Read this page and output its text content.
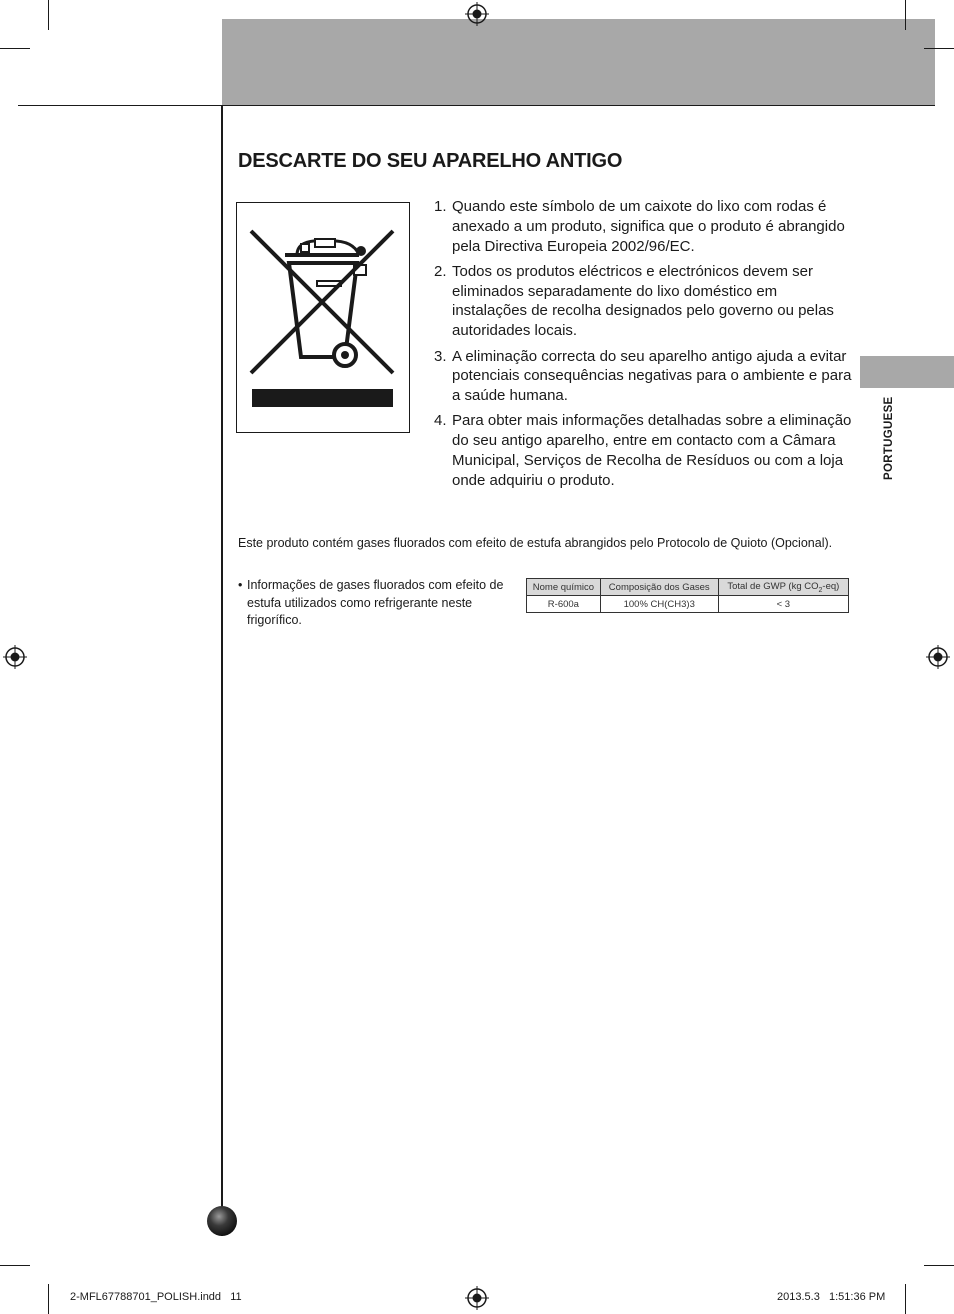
DESCARTE DO SEU APARELHO ANTIGO
1. Quando este símbolo de um caixote do lixo com rodas é anexado a um produto, significa que o produto é abrangido pela Directiva Europeia 2002/96/EC.
2. Todos os produtos eléctricos e electrónicos devem ser eliminados separadamente do lixo doméstico em instalações de recolha designados pelo governo ou pelas autoridades locais.
3. A eliminação correcta do seu aparelho antigo ajuda a evitar potenciais consequências negativas para o ambiente e para a saúde humana.
4. Para obter mais informações detalhadas sobre a eliminação do seu antigo aparelho, entre em contacto com a Câmara Municipal, Serviços de Recolha de Resíduos ou com a loja onde adquiriu o produto.

Este produto contém gases fluorados com efeito de estufa abrangidos pelo Protocolo de Quioto (Opcional).

• Informações de gases fluorados com efeito de estufa utilizados como refrigerante neste frigorífico.
Nome químico	Composição dos Gases	Total de GWP (kg $CO_2-eq$)
R-600a	100% CH(CH3)3	< 3
PORTUGUESE
2-MFL67788701_POLISH.indd   11	2013.5.3   1:51:36 PM
